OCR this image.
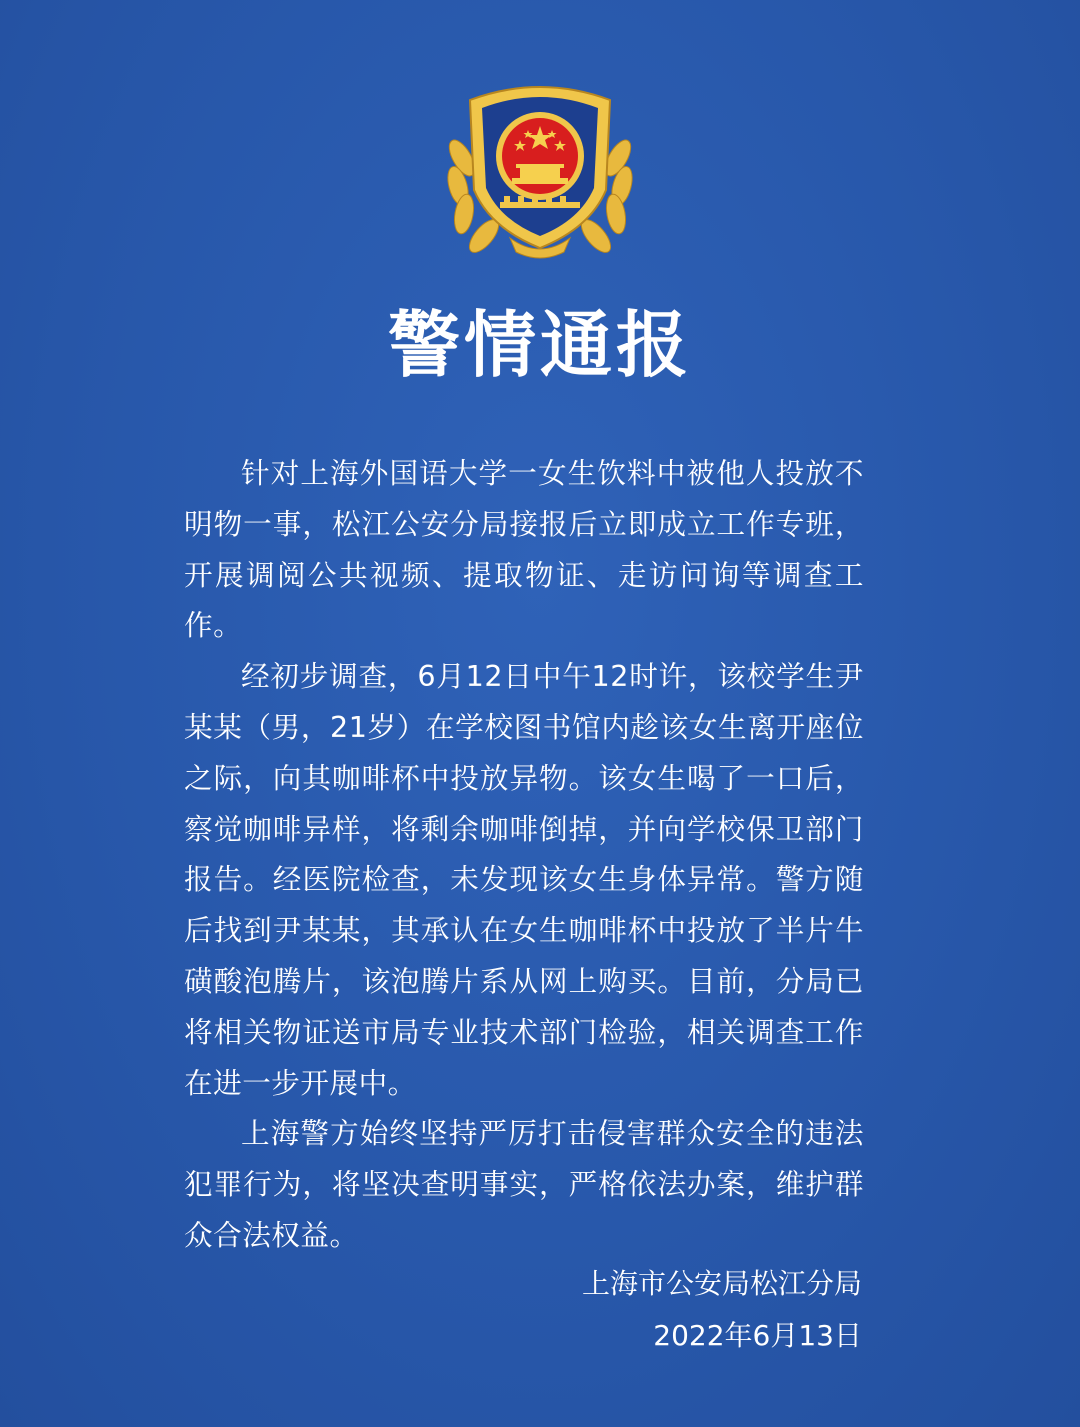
警情通报

针对上海外国语大学一女生饮料中被他人投放不明物一事，松江公安分局接报后立即成立工作专班，开展调阅公共视频、提取物证、走访问询等调查工作。

经初步调查，6月12日中午12时许，该校学生尹某某（男，21岁）在学校图书馆内趁该女生离开座位之际，向其咖啡杯中投放异物。该女生喝了一口后，察觉咖啡异样，将剩余咖啡倒掉，并向学校保卫部门报告。经医院检查，未发现该女生身体异常。警方随后找到尹某某，其承认在女生咖啡杯中投放了半片牛磺酸泡腾片，该泡腾片系从网上购买。目前，分局已将相关物证送市局专业技术部门检验，相关调查工作在进一步开展中。

上海警方始终坚持严厉打击侵害群众安全的违法犯罪行为，将坚决查明事实，严格依法办案，维护群众合法权益。

上海市公安局松江分局
2022年6月13日
